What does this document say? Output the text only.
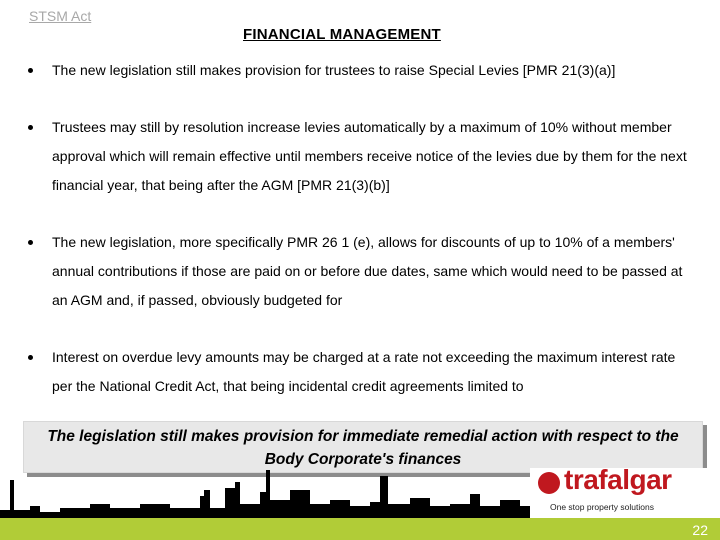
STSM Act
FINANCIAL MANAGEMENT
The new legislation still makes provision for trustees to raise Special Levies [PMR 21(3)(a)]
Trustees may still by resolution increase levies automatically by a maximum of 10% without member approval which will remain effective until members receive notice of the levies due by them for the next financial year, that being after the AGM [PMR 21(3)(b)]
The new legislation, more specifically PMR 26 1 (e), allows for discounts of up to 10% of a members' annual contributions if those are paid on or before due dates, same which would need to be passed at an AGM and, if passed, obviously budgeted for
Interest on overdue levy amounts may be charged at a rate not exceeding the maximum interest rate per the National Credit Act, that being incidental credit agreements limited to
The legislation still makes provision for immediate remedial action with respect to the
Body Corporate's finances
trafalgar
One stop property solutions
22
